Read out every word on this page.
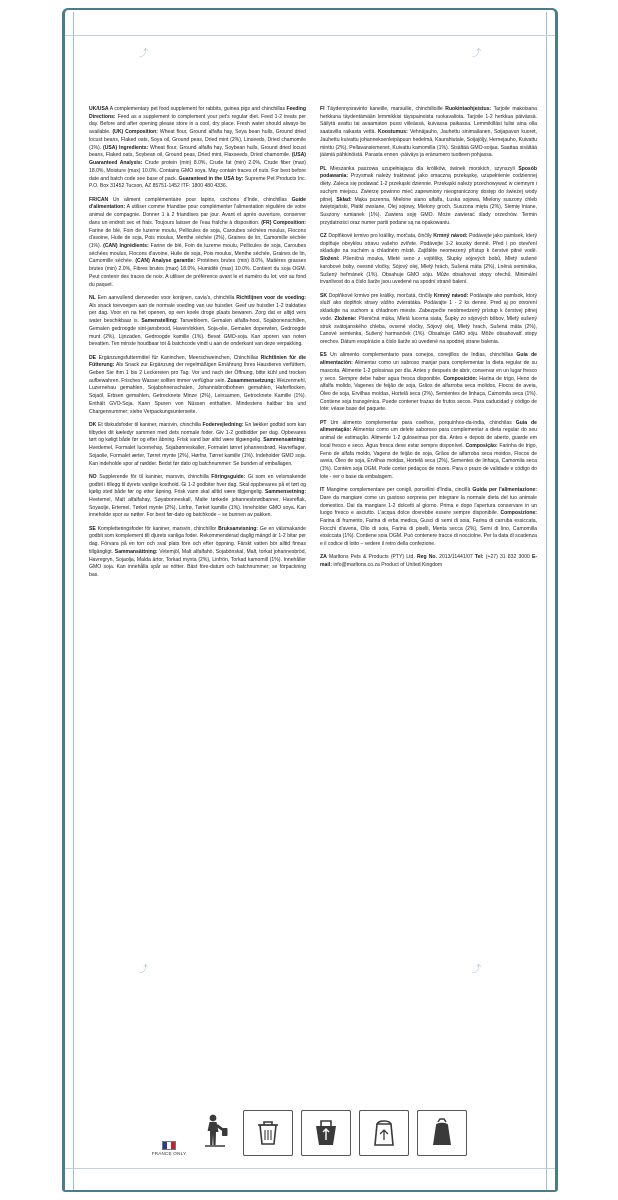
⤴	⤴
⤴	⤴

UK/USA A complementary pet food supplement for rabbits, guinea pigs and chinchillas Feeding Directions: Feed as a supplement to complement your pet's regular diet. Feed 1-2 treats per day. Before and after opening please store in a cool, dry place. Fresh water should always be available. (UK) Composition: Wheat flour, Ground alfalfa hay, Soya bean hulls, Ground dried locust beans, Flaked oats, Soya oil, Ground peas, Dried mint (2%), Linseeds, Dried chamomile (1%). (USA) Ingredients: Wheat flour, Ground alfalfa hay, Soybean hulls, Ground dried locust beans, Flaked oats, Soybean oil, Ground peas, Dried mint, Flaxseeds, Dried chamomile. (USA) Guaranteed Analysis: Crude protein (min) 8.0%, Crude fat (min) 2.0%, Crude fiber (max) 18.0%, Moisture (max) 10.0%. Contains GMO soya. May contain traces of nuts. For best before date and batch code see base of pack. Guaranteed in the USA by: Supreme Pet Products Inc. P.O. Box 31452 Tucson, AZ 85751-1452 ITF: 1800 480 4336.

FR/CAN Un aliment complémentaire pour lapins, cochons d'Inde, chinchillas Guide d'alimentation: A utiliser comme friandise pour complémenter l'alimentation régulière de votre animal de compagnie. Donner 1 à 2 friandises par jour. Avant et après ouverture, conserver dans un endroit sec et frais. Toujours laisser de l'eau fraîche à disposition. (FR) Composition: Farine de blé, Foin de luzerne moulu, Pellicules de soja, Caroubes séchées moulus, Flocons d'avoine, Huile de soja, Pois moulus, Menthe séchée (2%), Graines de lin, Camomille séchée (1%). (CAN) Ingrédients: Farine de blé, Foin de luzerne moulu, Pellicules de soja, Caroubes séchées moulus, Flocons d'avoine, Huile de soja, Pois moulus, Menthe séchée, Graines de lin, Camomille séchée. (CAN) Analyse garantie: Protéines brutes (min) 8.0%, Matières grasses brutes (min) 2.0%, Fibres brutes (max) 18.0%, Humidité (max) 10.0%. Contient du soja OGM. Peut contenir des traces de noix. A utiliser de préférence avant le et numéro du lot; voir au fond du paquet.

NL Een aanvullend diervoeder voor konijnen, cavia's, chinchilla Richtlijnen voor de voeding: Als snack toevoegen aan de normale voeding van uw huisdier. Geef uw huisdier 1-2 traktaties per dag. Voor en na het openen, op een koele droge plaats bewaren. Zorg dat er altijd vers water beschikbaar is. Samenstelling: Tarwebloem, Gemalen alfalfa-hooi, Sojabonenschillen, Gemalen gedroogde sint-jansbrood, Havervlokken, Soja-olie, Gemalen doperwten, Gedroogde munt (2%), Lijnzaden, Gedroogde kamille (1%). Bevat GMO-soja. Kan sporen van noten bevatten. Ten minste houdbaar tot & batchcode vindt u aan de onderkant van deze verpakking.

DE Ergänzungsfuttermittel für Kaninchen, Meerschweinchen, Chinchillas Richtlinien für die Fütterung: Als Snack zur Ergänzung der regelmäßigen Ernährung Ihres Haustieres verfüttern, Geben Sie ihm 1 bis 2 Leckereien pro Tag. Vor und nach der Öffnung, bitte kühl und trocken aufbewahren. Frisches Wasser sollten immer verfügbar sein. Zusammensetzung: Weizenmehl, Luzernehau gemahlen, Sojabohnenschalen, Johannisbrotbohnen gemahlen, Haferflocken, Sojaöl, Erbsen gemahlen, Getrocknete Minze (2%), Leinsamen, Getrocknete Kamille (1%). Enthält GVO-Soja. Kann Spuren von Nüssen enthalten. Mindestens haltbar bis und Chargennummer; siehe Verpackungsunterseite.

DK Et tilskudsfoder til kaniner, marsvin, chinchilla Fodervejledning: En lækker godbid som kan tilbydes dit kæledyr sammen med dets normale foder. Giv 1-2 godbidder per dag. Opbevares tørt og køligt både før og efter åbning. Frisk vand bør altid være tilgængelig. Sammensætning: Hvedemel, Formalet lucernehay, Sojabønneskaller, Formalet tørret johannesbrød, Havreflager, Sojaolie, Formalet ærter, Tørret mynte (2%), Hørfrø, Tørret kamille (1%). Indeholder GMO soja. Kan indeholde spor af nødder. Bedst før dato og batchnummer: Se bunden af emballagen.

NO Supplerende fôr til kaniner, marsvin, chinchilla Fôringsguide: Gi som en velsmakende godbit i tillegg til dyrets vanlige kosthold. Gi 1-2 godbiter hver dag. Skal oppbevares på et tørt og kjølig sted både før og etter åpning. Frisk vann skal alltid være tilgjengelig. Sammensetning: Hvetemel, Malt alfalfahay, Søyabonneskall, Malte tørkede johannesbrødbanner, Havreflak, Soyaolje, Ertemel, Tørket mynte (2%), Linfrø, Tørket kamille (1%). Inneholder GMO soya. Kan inneholde spor av nøtter. For best før-dato og batchkode – se bunnen av pakken.

SE Kompletteringsfoder för kaniner, marsvin, chinchillor Bruksanvisning: Ge en välsmakande godbit som komplement till djurets vanliga foder. Rekommenderad daglig mängd är 1-2 bitar per dag. Förvara på en torr och sval plats före och efter öppning. Färskt vatten bör alltid finnas tillgängligt. Sammansättning: Vetemjöl, Malt alfalfahö, Sojabönskal, Malt, torkat johannesbröd, Havregryn, Sojaolja, Malda ärtor, Torkad mynta (2%), Linfrön, Torkad kamomill (1%). Innehåller GMO soja. Kan innehålla spår av nötter. Bäst före-datum och batchnummer; se förpackning bas.

FI Täydennysravinto kaneille, marsuille, chinchilloille Ruokintaohjeistus: Tarjoile makoisana herkkuna täydentämään lemmikkisi täyspainoista ruokavaliota. Tarjoile 1-2 herkkua päivässä. Säilytä avattu tai avaamaton pussi viileässä, kuivassa paikassa. Lemmikilläsi tulisi aina olla saatavilla raikasta vettä. Koostumus: Vehnäjauho, Jauhettu sinimailanen, Soijapavun kuoret, Jauhettu kuivattu johanneksenleipäpuun hedelmä, Kaurahiutale, Soijajöljy, Hernejauho, Kuivattu minttu (2%), Pellavansiemenet, Kuivattu kamomilla (1%). Sisältää GMO-soijaa. Saattaa sisältää jäämiä pähkinöistä. Parasta ennen -päiväys ja eränumero tuotteen pohjassa.

PL Mieszanka paszowa uzupełniająca dla królików, świnek morskich, szynszyli Sposób podawania: Przysmak należy traktować jako smaczną przekąskę, uzupełnienie codziennej diety. Zaleca się podawać 1-2 przekąski dziennie. Przekąski należy przechowywać w ciemnym i suchym miejscu. Zwierzę powinno mieć zapewniony nieograniczony dostęp do świeżej wody pitnej. Skład: Mąka pszenna, Mielone siano alfalfa, Łuska sojowa, Mielony suszony chleb świętojański, Płatki owsiane, Olej sojowy, Mielony groch, Suszona mięta (2%), Siemię lniane, Suszony rumianek (1%). Zawiera soję GMO. Może zawierać ślady orzechów. Termin przydatności oraz numer partii podane są na opakowaniu.

CZ Doplňkové krmivo pro králíky, morčata, činčily Krmný návod: Podávejte jako pamlsek, který doplňuje obvyklou stravu vašeho zvířete. Podávejte 1-2 kousky denně. Před i po otevření skladujte na suchém a chladném místě. Zajištěte neomezený přístup k čerstvé pitné vodě. Složení: Pšeničná mouka, Mleté seno z vojtěšky, Slupky sójových bobů, Mletý sušené karobové boby, ovesné vločky, Sójový olej, Mletý hrách, Sušená máta (2%), Lněná semináka, Sušený heřmánek (1%). Obsahuje GMO sóju. Může obsahovat stopy ořechů. Minimální trvanlivost do a číslo šarže jsou uvedené na spodní straně balení.

SK Doplňkové krmivo pre králiky, morčatá, činčily Krmný návod: Podávajte ako pamlsok, ktorý služí ako doplňok stravy vášho zvieratáka. Podávajte 1 - 2 ks denne. Pred aj po otvorení skladujte na suchom a chladnom mieste. Zabezpečte neobmedzený prístup k čerstvej pitnej vode. Zloženie: Pšeničná müka, Mletá lucerna siata, Šupky zo sójových bôbov, Mletý sušený struk svätojanského chleba, ovsené vločky, Sójový olej, Mletý hrach, Sušená mäta (2%), Ľanové semienka, Sušený harmanček (1%). Obsahuje GMO sóju. Môže obsahovatť stopy orechov. Dátum exspírácie a číslo šarže sú uvedené na spodnej strane balenia.

ES Un alimento complementario para conejos, conejillos de Indias, chinchillas Guía de alimentación: Alimentar como un sabroso manjar para complementar la dieta regular de su mascota. Alimente 1-2 golosinas por día. Antes y después de abrir, conservar en un lugar fresco y seco. Siempre debe haber agua fresca disponible. Composición: Harina de trigo, Heno de alfalfa molido, Vagenes de feijão de soja, Grãos de alfarroba seca molidos, Flocos de aveia, Óleo de soja, Ervilhas moídas, Hortelã seca (2%), Semientes de linhaça, Camomila seca (1%). Contiene soja transgénica. Puede contener trazas de frutos secos. Para caducidad y código de lote: véase base del paquete.

PT Um alimento complementar para coelhos, porquinhos-da-india, chinchilas Guia de alimentação: Alimentar como um delete saboroso para complementar a dieta regular do seu animal de estimação. Alimente 1-2 guloseimas por dia. Antes e depois de aberto, guarde em local fresco e seco. Água fresca deve estar sempre disponível. Composição: Farinha de trigo, Feno de alfafa moldo, Vagens de feijão de soja, Grãos de alfarroba seca moidos, Flocos de aveia, Óleo de soja, Ervilhas moidas, Hortelã seca (2%), Sementes de linhaça, Camomila seca (1%). Contém soja OGM. Pode conter pedaços de nozes. Para o prazo de validade e código do lote - ver o base da embalagem.

IT Mangime complementare per conigli, porcellini d'India, cincillà Guida per l'alimentazione: Dare da mangiare come un gustoso sorpresa per integrare la normale dieta del tuo animale domestico. Dai da mangiare 1-2 dolcetti al giorno. Prima e dopo l'apertura conservare in un luogo fresco e asciutto. L'acqua dolce dovrebbe essere sempre disponibile. Composizione: Farina di frumento, Farina di erba medica, Gusci di semi di soia, Farina di carruba essiccata, Fiocchi d'avena, Olio di soia, Farina di piselli, Menta secca (2%), Semi di lino, Camomilla essiccata (1%). Contiene soia OGM. Può contenere tracce di nocciolne. Per la data di scadenza e il codice di lotto – vedere il retro della confezione.

ZA Marltons Pets & Products (PTY) Ltd. Reg No. 2013/11441/07 Tel: (+27) 31 832 3000 E-mail: info@marltons.co.za Product of United Kingdom

FRANCE ONLY
